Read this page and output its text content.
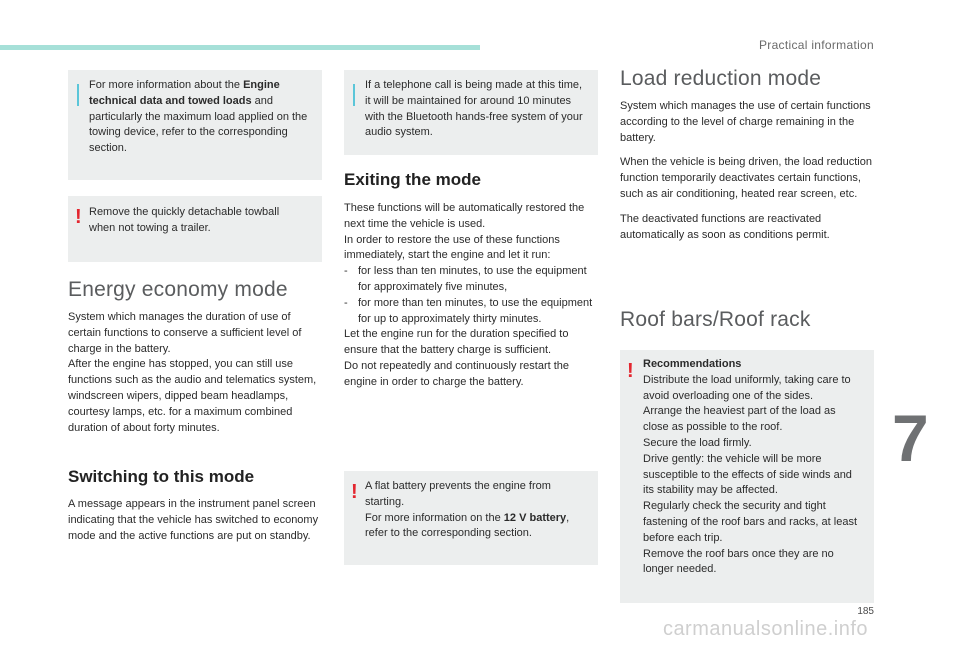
Practical information
7
For more information about the Engine technical data and towed loads and particularly the maximum load applied on the towing device, refer to the corresponding section.
! Remove the quickly detachable towball when not towing a trailer.
Energy economy mode

System which manages the duration of use of certain functions to conserve a sufficient level of charge in the battery.

After the engine has stopped, you can still use functions such as the audio and telematics system, windscreen wipers, dipped beam headlamps, courtesy lamps, etc. for a maximum combined duration of about forty minutes.

Switching to this mode
A message appears in the instrument panel screen indicating that the vehicle has switched to economy mode and the active functions are put on standby.
If a telephone call is being made at this time, it will be maintained for around 10 minutes with the Bluetooth hands-free system of your audio system.
Exiting the mode

These functions will be automatically restored the next time the vehicle is used.

In order to restore the use of these functions immediately, start the engine and let it run:

- for less than ten minutes, to use the equipment for approximately five minutes,
- for more than ten minutes, to use the equipment for up to approximately thirty minutes.

Let the engine run for the duration specified to ensure that the battery charge is sufficient.

Do not repeatedly and continuously restart the engine in order to charge the battery.

! A flat battery prevents the engine from starting.
For more information on the 12 V battery, refer to the corresponding section.
Load reduction mode

System which manages the use of certain functions according to the level of charge remaining in the battery.

When the vehicle is being driven, the load reduction function temporarily deactivates certain functions, such as air conditioning, heated rear screen, etc.

The deactivated functions are reactivated automatically as soon as conditions permit.

Roof bars/Roof rack
! Recommendations
Distribute the load uniformly, taking care to avoid overloading one of the sides.
Arrange the heaviest part of the load as close as possible to the roof.
Secure the load firmly.
Drive gently: the vehicle will be more susceptible to the effects of side winds and its stability may be affected.
Regularly check the security and tight fastening of the roof bars and racks, at least before each trip.
Remove the roof bars once they are no longer needed.
185
carmanualsonline.info
